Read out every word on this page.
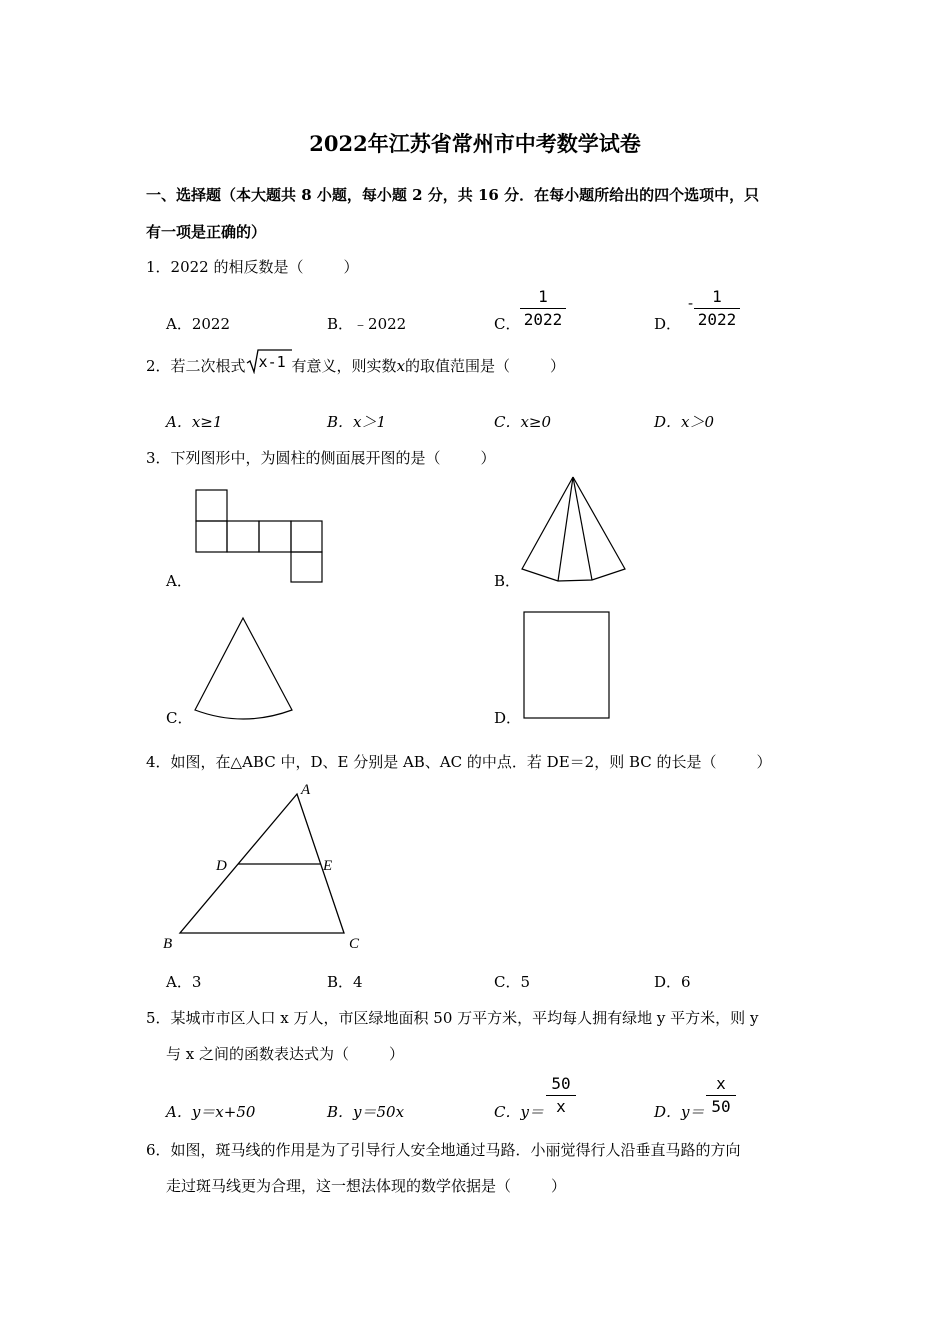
2022年江苏省常州市中考数学试卷
一、选择题（本大题共 8 小题，每小题 2 分，共 16 分．在每小题所给出的四个选项中，只
有一项是正确的）
1．2022 的相反数是（	）
A．2022	B．﹣2022	C．
1
2022	D．
-	1
2022
2．若二次根式 x-1 有意义，则实数x的取值范围是（	）
A．x≥1	B．x＞1	C．x≥0	D．x＞0
3．下列图形中，为圆柱的侧面展开图的是（	）
A．	B．
C．	D．
4．如图，在△ABC 中，D、E 分别是 AB、AC 的中点．若 DE＝2，则 BC 的长是（	）
A
B	C
D	E
A．3	B．4	C．5	D．6
5．某城市市区人口 x 万人，市区绿地面积 50 万平方米，平均每人拥有绿地 y 平方米，则 y
与 x 之间的函数表达式为（	）
A．y＝x+50	B．y＝50x	C．y＝
50
x	D．y＝
x
50
6．如图，斑马线的作用是为了引导行人安全地通过马路．小丽觉得行人沿垂直马路的方向
走过斑马线更为合理，这一想法体现的数学依据是（	）
